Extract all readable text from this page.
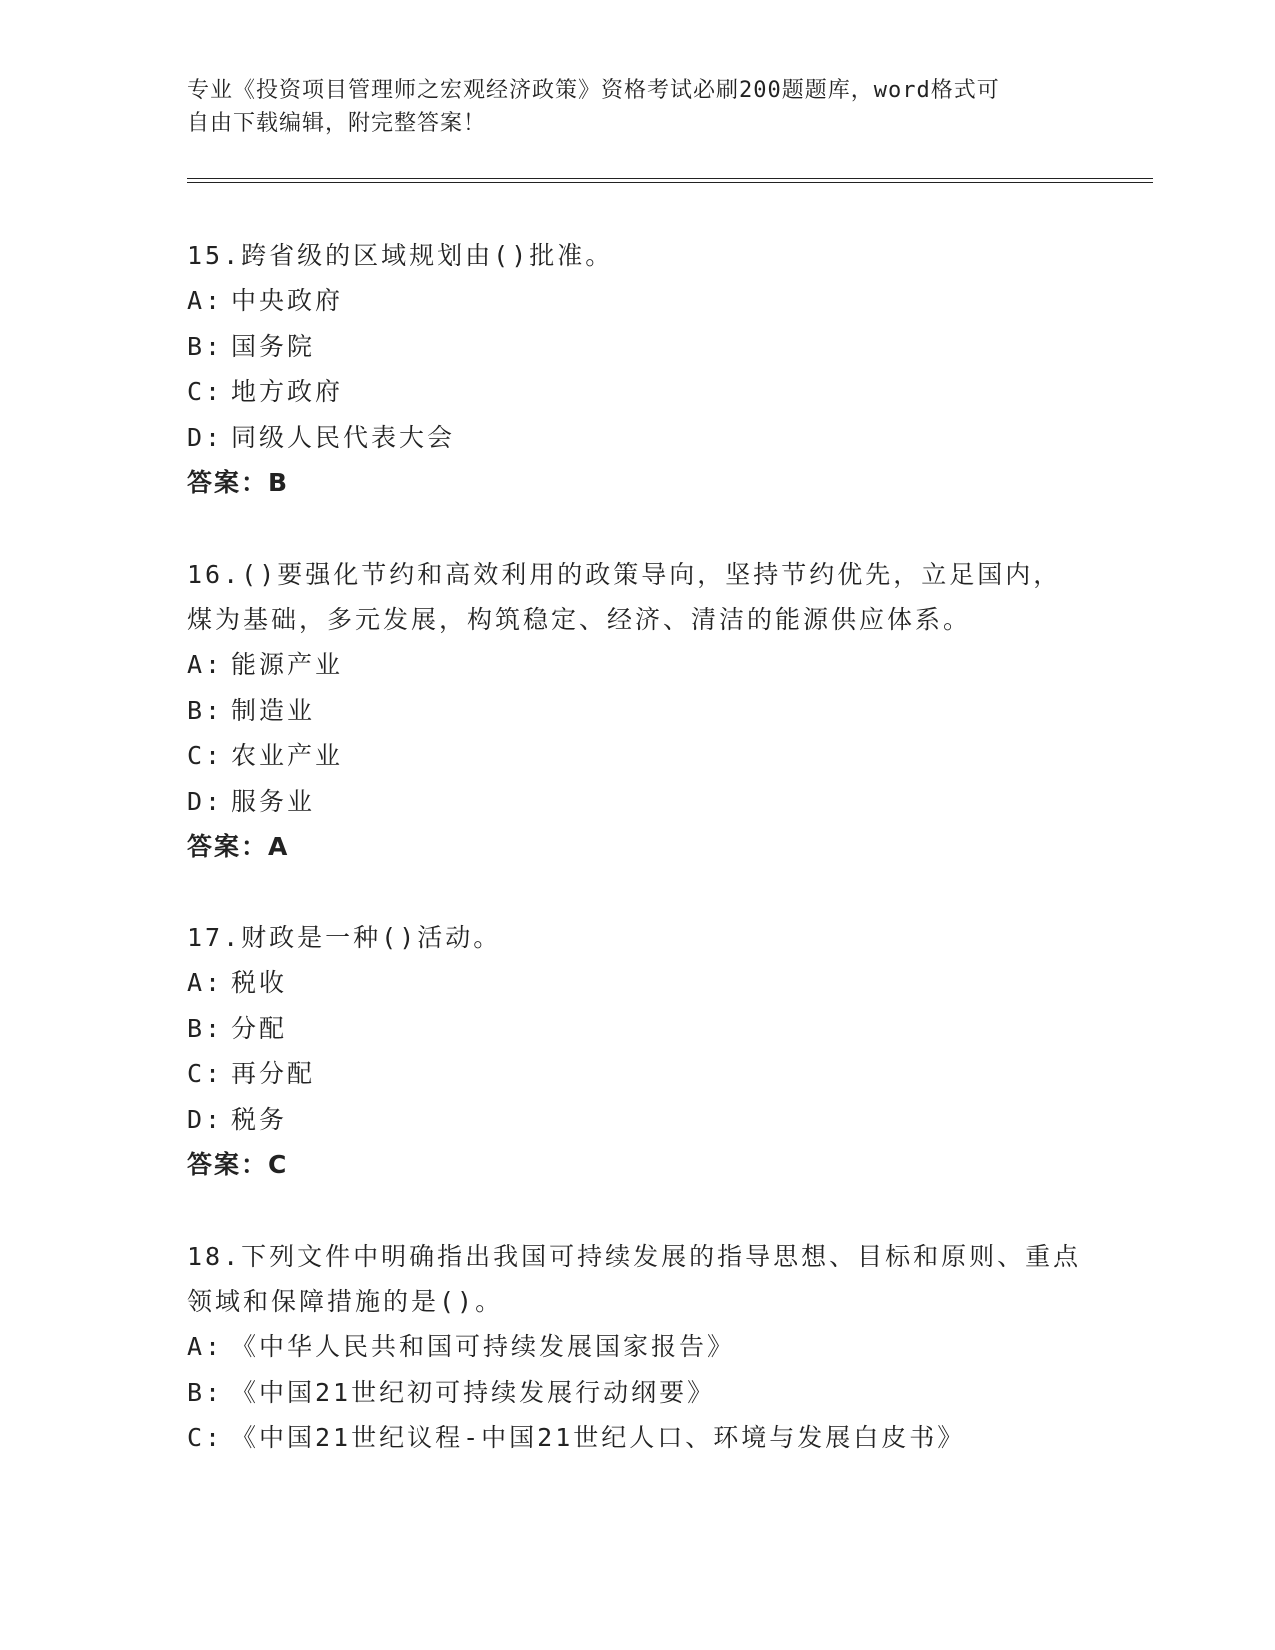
专业《投资项目管理师之宏观经济政策》资格考试必刷200题题库，word格式可
自由下载编辑，附完整答案！

15.跨省级的区域规划由()批准。

A: 中央政府

B: 国务院

C: 地方政府

D: 同级人民代表大会

答案：B

16.()要强化节约和高效利用的政策导向，坚持节约优先，立足国内，煤为基础，多元发展，构筑稳定、经济、清洁的能源供应体系。

A: 能源产业

B: 制造业

C: 农业产业

D: 服务业

答案：A

17.财政是一种()活动。

A: 税收

B: 分配

C: 再分配

D: 税务

答案：C

18.下列文件中明确指出我国可持续发展的指导思想、目标和原则、重点领域和保障措施的是()。

A: 《中华人民共和国可持续发展国家报告》

B: 《中国21世纪初可持续发展行动纲要》

C: 《中国21世纪议程-中国21世纪人口、环境与发展白皮书》
